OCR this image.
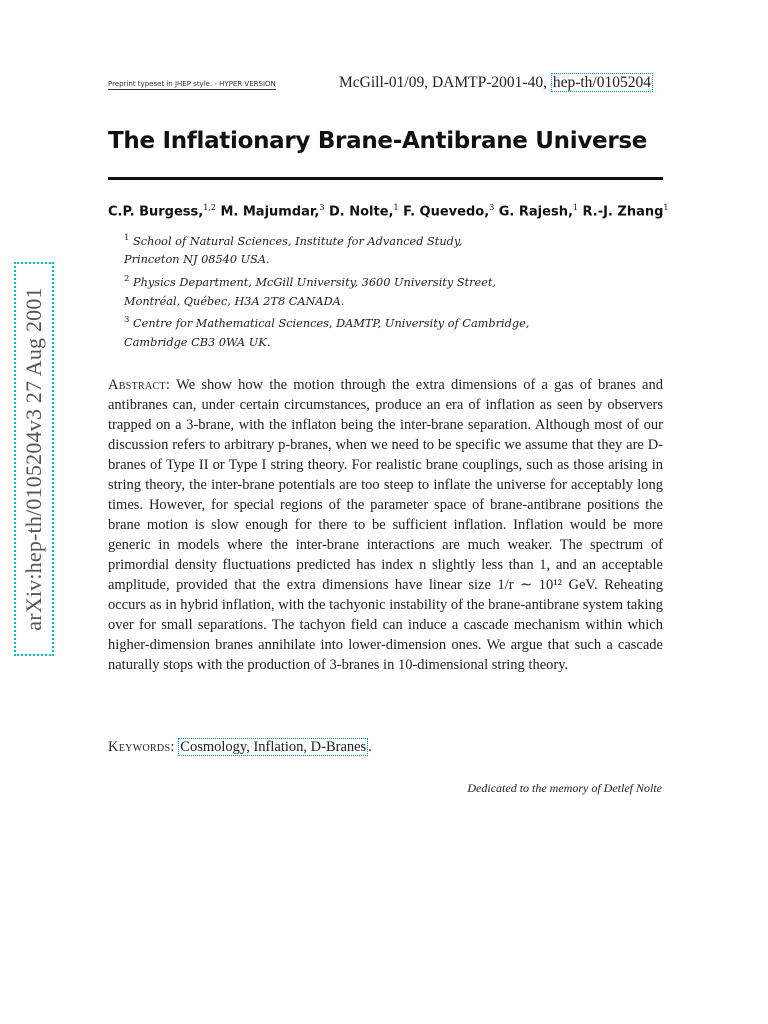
arXiv:hep-th/0105204v3 27 Aug 2001
Preprint typeset in JHEP style. - HYPER VERSION	McGill-01/09, DAMTP-2001-40, hep-th/0105204
The Inflationary Brane-Antibrane Universe
C.P. Burgess,$^{1,2}$ M. Majumdar,$^3$ D. Nolte,$^1$ F. Quevedo,$^3$ G. Rajesh,$^1$ R.-J. Zhang$^1$
$^1$ School of Natural Sciences, Institute for Advanced Study,
Princeton NJ 08540 USA.
$^2$ Physics Department, McGill University, 3600 University Street,
Montréal, Québec, H3A 2T8 CANADA.
$^3$ Centre for Mathematical Sciences, DAMTP, University of Cambridge,
Cambridge CB3 0WA UK.
Abstract: We show how the motion through the extra dimensions of a gas of branes and antibranes can, under certain circumstances, produce an era of inflation as seen by observers trapped on a 3-brane, with the inflaton being the inter-brane separation. Although most of our discussion refers to arbitrary p-branes, when we need to be specific we assume that they are D-branes of Type II or Type I string theory. For realistic brane couplings, such as those arising in string theory, the inter-brane potentials are too steep to inflate the universe for acceptably long times. However, for special regions of the parameter space of brane-antibrane positions the brane motion is slow enough for there to be sufficient inflation. Inflation would be more generic in models where the inter-brane interactions are much weaker. The spectrum of primordial density fluctuations predicted has index n slightly less than 1, and an acceptable amplitude, provided that the extra dimensions have linear size 1/r ∼ 10¹² GeV. Reheating occurs as in hybrid inflation, with the tachyonic instability of the brane-antibrane system taking over for small separations. The tachyon field can induce a cascade mechanism within which higher-dimension branes annihilate into lower-dimension ones. We argue that such a cascade naturally stops with the production of 3-branes in 10-dimensional string theory.
Keywords: Cosmology, Inflation, D-Branes .
Dedicated to the memory of Detlef Nolte
